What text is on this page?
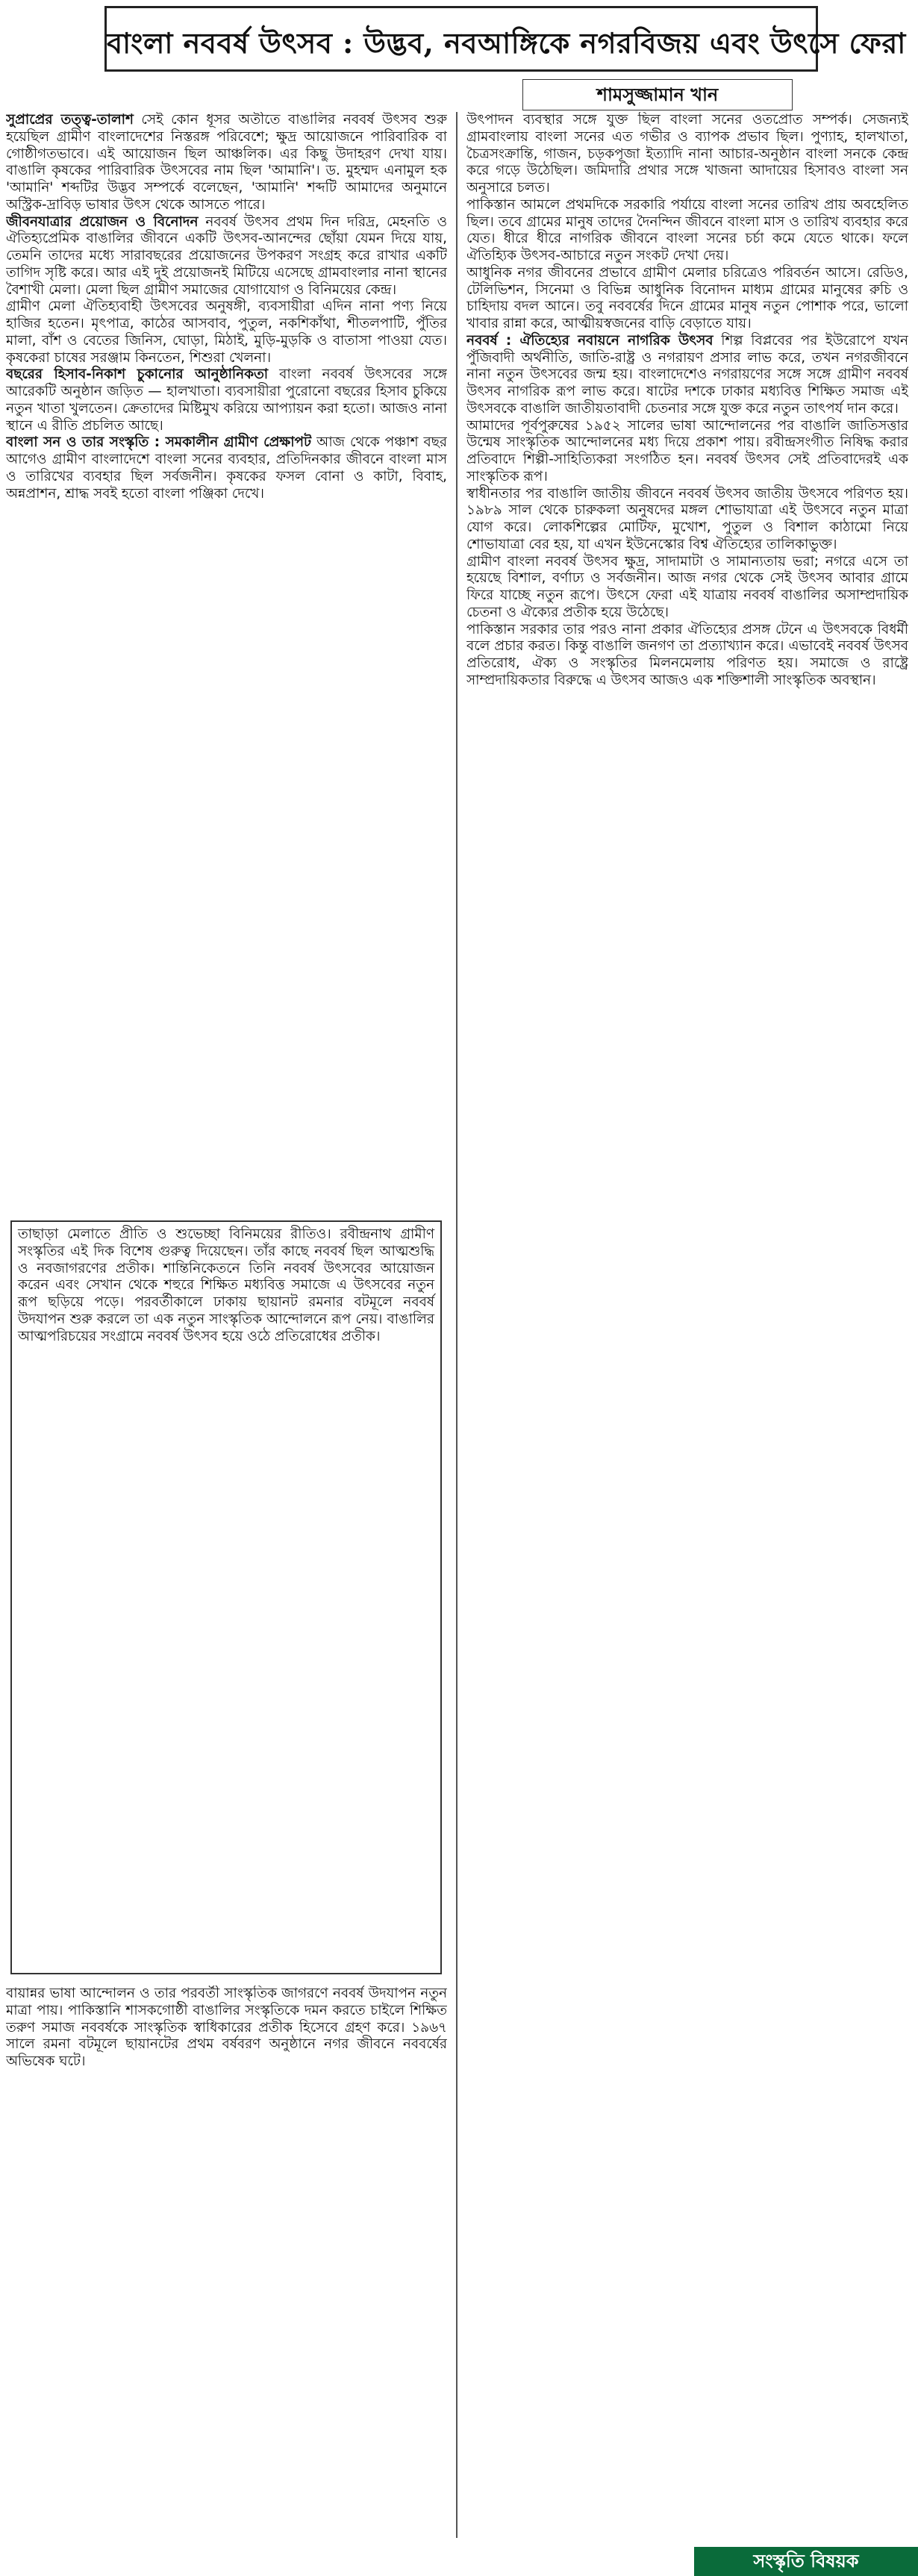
বাংলা নববর্ষ উৎসব : উদ্ভব, নবআঙ্গিকে নগরবিজয় এবং উৎসে ফেরা
শামসুজ্জামান খান

সুপ্রাপ্রের তত্ত্ব-তালাশ সেই কোন ধূসর অতীতে বাঙালির নববর্ষ উৎসব শুরু হয়েছিল গ্রামীণ বাংলাদেশের নিস্তরঙ্গ পরিবেশে; ক্ষুদ্র আয়োজনে পারিবারিক বা গোষ্ঠীগতভাবে। এই আয়োজন ছিল আঞ্চলিক। এর কিছু উদাহরণ দেখা যায়। বাঙালি কৃষকের পারিবারিক উৎসবের নাম ছিল 'আমানি'। ড. মুহম্মদ এনামুল হক 'আমানি' শব্দটির উদ্ভব সম্পর্কে বলেছেন, 'আমানি' শব্দটি আমাদের অনুমানে অস্ট্রিক-দ্রাবিড় ভাষার উৎস থেকে আসতে পারে।

জীবনযাত্রার প্রয়োজন ও বিনোদন নববর্ষ উৎসব প্রথম দিন দরিদ্র, মেহনতি ও ঐতিহ্যপ্রেমিক বাঙালির জীবনে একটি উৎসব-আনন্দের ছোঁয়া যেমন দিয়ে যায়, তেমনি তাদের মধ্যে সারাবছরের প্রয়োজনের উপকরণ সংগ্রহ করে রাখার একটি তাগিদ সৃষ্টি করে। আর এই দুই প্রয়োজনই মিটিয়ে এসেছে গ্রামবাংলার নানা স্থানের বৈশাখী মেলা। মেলা ছিল গ্রামীণ সমাজের যোগাযোগ ও বিনিময়ের কেন্দ্র।

গ্রামীণ মেলা ঐতিহ্যবাহী উৎসবের অনুষঙ্গী, ব্যবসায়ীরা এদিন নানা পণ্য নিয়ে হাজির হতেন। মৃৎপাত্র, কাঠের আসবাব, পুতুল, নকশিকাঁথা, শীতলপাটি, পুঁতির মালা, বাঁশ ও বেতের জিনিস, ঘোড়া, মিঠাই, মুড়ি-মুড়কি ও বাতাসা পাওয়া যেত। কৃষকেরা চাষের সরঞ্জাম কিনতেন, শিশুরা খেলনা।

বছরের হিসাব-নিকাশ চুকানোর আনুষ্ঠানিকতা বাংলা নববর্ষ উৎসবের সঙ্গে আরেকটি অনুষ্ঠান জড়িত — হালখাতা। ব্যবসায়ীরা পুরোনো বছরের হিসাব চুকিয়ে নতুন খাতা খুলতেন। ক্রেতাদের মিষ্টিমুখ করিয়ে আপ্যায়ন করা হতো। আজও নানা স্থানে এ রীতি প্রচলিত আছে।

বাংলা সন ও তার সংস্কৃতি : সমকালীন গ্রামীণ প্রেক্ষাপট আজ থেকে পঞ্চাশ বছর আগেও গ্রামীণ বাংলাদেশে বাংলা সনের ব্যবহার, প্রতিদিনকার জীবনে বাংলা মাস ও তারিখের ব্যবহার ছিল সর্বজনীন। কৃষকের ফসল বোনা ও কাটা, বিবাহ, অন্নপ্রাশন, শ্রাদ্ধ সবই হতো বাংলা পঞ্জিকা দেখে।

তাছাড়া মেলাতে প্রীতি ও শুভেচ্ছা বিনিময়ের রীতিও। রবীন্দ্রনাথ গ্রামীণ সংস্কৃতির এই দিক বিশেষ গুরুত্ব দিয়েছেন। তাঁর কাছে নববর্ষ ছিল আত্মশুদ্ধি ও নবজাগরণের প্রতীক। শান্তিনিকেতনে তিনি নববর্ষ উৎসবের আয়োজন করেন এবং সেখান থেকে শহুরে শিক্ষিত মধ্যবিত্ত সমাজে এ উৎসবের নতুন রূপ ছড়িয়ে পড়ে। পরবর্তীকালে ঢাকায় ছায়ানট রমনার বটমূলে নববর্ষ উদযাপন শুরু করলে তা এক নতুন সাংস্কৃতিক আন্দোলনে রূপ নেয়। বাঙালির আত্মপরিচয়ের সংগ্রামে নববর্ষ উৎসব হয়ে ওঠে প্রতিরোধের প্রতীক।

বায়ান্নর ভাষা আন্দোলন ও তার পরবর্তী সাংস্কৃতিক জাগরণে নববর্ষ উদযাপন নতুন মাত্রা পায়। পাকিস্তানি শাসকগোষ্ঠী বাঙালির সংস্কৃতিকে দমন করতে চাইলে শিক্ষিত তরুণ সমাজ নববর্ষকে সাংস্কৃতিক স্বাধিকারের প্রতীক হিসেবে গ্রহণ করে। ১৯৬৭ সালে রমনা বটমূলে ছায়ানটের প্রথম বর্ষবরণ অনুষ্ঠানে নগর জীবনে নববর্ষের অভিষেক ঘটে।

উৎপাদন ব্যবস্থার সঙ্গে যুক্ত ছিল বাংলা সনের ওতপ্রোত সম্পর্ক। সেজন্যই গ্রামবাংলায় বাংলা সনের এত গভীর ও ব্যাপক প্রভাব ছিল। পুণ্যাহ, হালখাতা, চৈত্রসংক্রান্তি, গাজন, চড়কপূজা ইত্যাদি নানা আচার-অনুষ্ঠান বাংলা সনকে কেন্দ্র করে গড়ে উঠেছিল। জমিদারি প্রথার সঙ্গে খাজনা আদায়ের হিসাবও বাংলা সন অনুসারে চলত।

পাকিস্তান আমলে প্রথমদিকে সরকারি পর্যায়ে বাংলা সনের তারিখ প্রায় অবহেলিত ছিল। তবে গ্রামের মানুষ তাদের দৈনন্দিন জীবনে বাংলা মাস ও তারিখ ব্যবহার করে যেত। ধীরে ধীরে নাগরিক জীবনে বাংলা সনের চর্চা কমে যেতে থাকে। ফলে ঐতিহ্যিক উৎসব-আচারে নতুন সংকট দেখা দেয়।

আধুনিক নগর জীবনের প্রভাবে গ্রামীণ মেলার চরিত্রেও পরিবর্তন আসে। রেডিও, টেলিভিশন, সিনেমা ও বিভিন্ন আধুনিক বিনোদন মাধ্যম গ্রামের মানুষের রুচি ও চাহিদায় বদল আনে। তবু নববর্ষের দিনে গ্রামের মানুষ নতুন পোশাক পরে, ভালো খাবার রান্না করে, আত্মীয়স্বজনের বাড়ি বেড়াতে যায়।

নববর্ষ : ঐতিহ্যের নবায়নে নাগরিক উৎসব শিল্প বিপ্লবের পর ইউরোপে যখন পুঁজিবাদী অর্থনীতি, জাতি-রাষ্ট্র ও নগরায়ণ প্রসার লাভ করে, তখন নগরজীবনে নানা নতুন উৎসবের জন্ম হয়। বাংলাদেশেও নগরায়ণের সঙ্গে সঙ্গে গ্রামীণ নববর্ষ উৎসব নাগরিক রূপ লাভ করে। ষাটের দশকে ঢাকার মধ্যবিত্ত শিক্ষিত সমাজ এই উৎসবকে বাঙালি জাতীয়তাবাদী চেতনার সঙ্গে যুক্ত করে নতুন তাৎপর্য দান করে।

আমাদের পূর্বপুরুষের ১৯৫২ সালের ভাষা আন্দোলনের পর বাঙালি জাতিসত্তার উন্মেষ সাংস্কৃতিক আন্দোলনের মধ্য দিয়ে প্রকাশ পায়। রবীন্দ্রসংগীত নিষিদ্ধ করার প্রতিবাদে শিল্পী-সাহিত্যিকরা সংগঠিত হন। নববর্ষ উৎসব সেই প্রতিবাদেরই এক সাংস্কৃতিক রূপ।

স্বাধীনতার পর বাঙালি জাতীয় জীবনে নববর্ষ উৎসব জাতীয় উৎসবে পরিণত হয়। ১৯৮৯ সাল থেকে চারুকলা অনুষদের মঙ্গল শোভাযাত্রা এই উৎসবে নতুন মাত্রা যোগ করে। লোকশিল্পের মোটিফ, মুখোশ, পুতুল ও বিশাল কাঠামো নিয়ে শোভাযাত্রা বের হয়, যা এখন ইউনেস্কোর বিশ্ব ঐতিহ্যের তালিকাভুক্ত।

গ্রামীণ বাংলা নববর্ষ উৎসব ক্ষুদ্র, সাদামাটা ও সামান্যতায় ভরা; নগরে এসে তা হয়েছে বিশাল, বর্ণাঢ্য ও সর্বজনীন। আজ নগর থেকে সেই উৎসব আবার গ্রামে ফিরে যাচ্ছে নতুন রূপে। উৎসে ফেরা এই যাত্রায় নববর্ষ বাঙালির অসাম্প্রদায়িক চেতনা ও ঐক্যের প্রতীক হয়ে উঠেছে।

পাকিস্তান সরকার তার পরও নানা প্রকার ঐতিহ্যের প্রসঙ্গ টেনে এ উৎসবকে বিধর্মী বলে প্রচার করত। কিন্তু বাঙালি জনগণ তা প্রত্যাখ্যান করে। এভাবেই নববর্ষ উৎসব প্রতিরোধ, ঐক্য ও সংস্কৃতির মিলনমেলায় পরিণত হয়। সমাজে ও রাষ্ট্রে সাম্প্রদায়িকতার বিরুদ্ধে এ উৎসব আজও এক শক্তিশালী সাংস্কৃতিক অবস্থান।

সংস্কৃতি বিষয়ক
